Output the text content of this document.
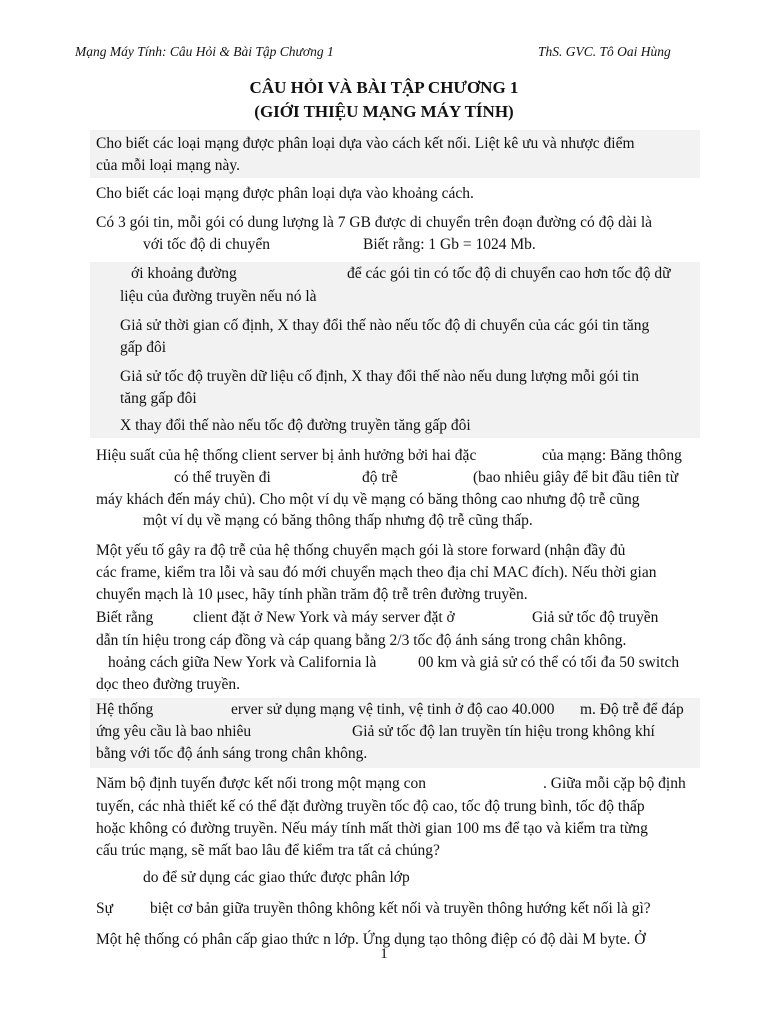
Mạng Máy Tính: Câu Hỏi & Bài Tập Chương 1	ThS. GVC. Tô Oai Hùng
CÂU HỎI VÀ BÀI TẬP CHƯƠNG 1
(GIỚI THIỆU MẠNG MÁY TÍNH)
Cho biết các loại mạng được phân loại dựa vào cách kết nối. Liệt kê ưu và nhược điểm
của mỗi loại mạng này.
Cho biết các loại mạng được phân loại dựa vào khoảng cách.
Có 3 gói tin, mỗi gói có dung lượng là 7 GB được di chuyển trên đoạn đường có độ dài là
với tốc độ di chuyển	Biết rằng: 1 Gb = 1024 Mb.
ới khoảng đường	để các gói tin có tốc độ di chuyển cao hơn tốc độ dữ
liệu của đường truyền nếu nó là
Giả sử thời gian cố định, X thay đổi thế nào nếu tốc độ di chuyển của các gói tin tăng
gấp đôi
Giả sử tốc độ truyền dữ liệu cố định, X thay đổi thế nào nếu dung lượng mỗi gói tin
tăng gấp đôi
X thay đổi thế nào nếu tốc độ đường truyền tăng gấp đôi
Hiệu suất của hệ thống client server bị ảnh hưởng bởi hai đặc	của mạng: Băng thông
có thể truyền đi	độ trễ	(bao nhiêu giây để bit đầu tiên từ
máy khách đến máy chủ). Cho một ví dụ về mạng có băng thông cao nhưng độ trễ cũng
một ví dụ về mạng có băng thông thấp nhưng độ trễ cũng thấp.
Một yếu tố gây ra độ trễ của hệ thống chuyển mạch gói là store forward (nhận đầy đủ
các frame, kiểm tra lỗi và sau đó mới chuyển mạch theo địa chỉ MAC đích). Nếu thời gian
chuyển mạch là 10 μsec, hãy tính phần trăm độ trễ trên đường truyền.
Biết rằng	client đặt ở New York và máy server đặt ở	Giả sử tốc độ truyền
dẫn tín hiệu trong cáp đồng và cáp quang bằng 2/3 tốc độ ánh sáng trong chân không.
hoảng cách giữa New York và California là	00 km và giả sử có thể có tối đa 50 switch
dọc theo đường truyền.
Hệ thống	erver sử dụng mạng vệ tinh, vệ tinh ở độ cao 40.000 m. Độ trễ để đáp
ứng yêu cầu là bao nhiêu	Giả sử tốc độ lan truyền tín hiệu trong không khí
bằng với tốc độ ánh sáng trong chân không.
Năm bộ định tuyến được kết nối trong một mạng con	. Giữa mỗi cặp bộ định
tuyến, các nhà thiết kế có thể đặt đường truyền tốc độ cao, tốc độ trung bình, tốc độ thấp
hoặc không có đường truyền. Nếu máy tính mất thời gian 100 ms để tạo và kiểm tra từng
cấu trúc mạng, sẽ mất bao lâu để kiểm tra tất cả chúng?
do để sử dụng các giao thức được phân lớp
Sự biệt cơ bản giữa truyền thông không kết nối và truyền thông hướng kết nối là gì?
Một hệ thống có phân cấp giao thức n lớp. Ứng dụng tạo thông điệp có độ dài M byte. Ở
1
